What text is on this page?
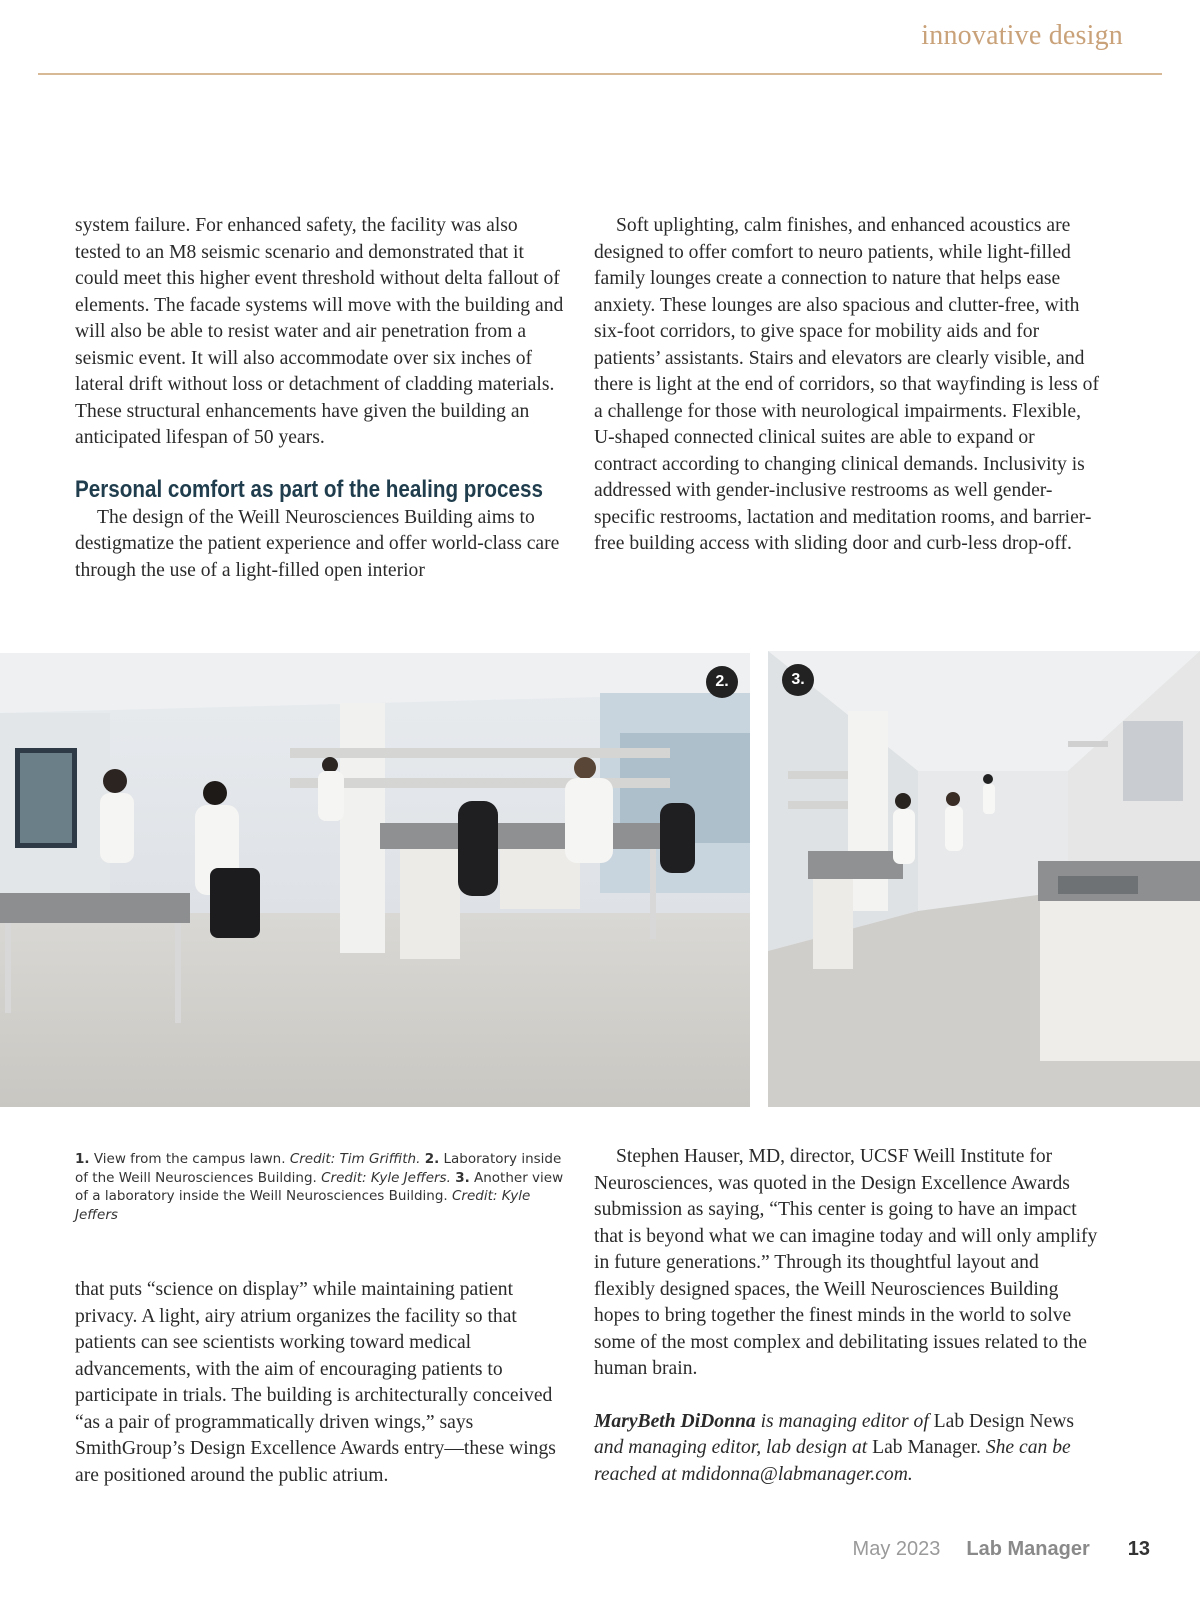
innovative design

system failure. For enhanced safety, the facility was also tested to an M8 seismic scenario and demonstrated that it could meet this higher event threshold without delta fallout of elements. The facade systems will move with the building and will also be able to resist water and air penetration from a seismic event. It will also accommodate over six inches of lateral drift without loss or detachment of cladding materials. These structural enhancements have given the building an anticipated lifespan of 50 years.

Personal comfort as part of the healing process

The design of the Weill Neurosciences Building aims to destigmatize the patient experience and offer world-class care through the use of a light-filled open interior

Soft uplighting, calm finishes, and enhanced acoustics are designed to offer comfort to neuro patients, while light-filled family lounges create a connection to nature that helps ease anxiety. These lounges are also spacious and clutter-free, with six-foot corridors, to give space for mobility aids and for patients’ assistants. Stairs and elevators are clearly visible, and there is light at the end of corridors, so that wayfinding is less of a challenge for those with neurological impairments. Flexible, U-shaped connected clinical suites are able to expand or contract according to changing clinical demands. Inclusivity is addressed with gender-inclusive restrooms as well gender-specific restrooms, lactation and meditation rooms, and barrier-free building access with sliding door and curb-less drop-off.

2.	3.
1. View from the campus lawn. Credit: Tim Griffith. 2. Laboratory inside of the Weill Neurosciences Building. Credit: Kyle Jeffers. 3. Another view of a laboratory inside the Weill Neurosciences Building. Credit: Kyle Jeffers

that puts “science on display” while maintaining patient privacy. A light, airy atrium organizes the facility so that patients can see scientists working toward medical advancements, with the aim of encouraging patients to participate in trials. The building is architecturally conceived “as a pair of programmatically driven wings,” says SmithGroup’s Design Excellence Awards entry—these wings are positioned around the public atrium.

Stephen Hauser, MD, director, UCSF Weill Institute for Neurosciences, was quoted in the Design Excellence Awards submission as saying, “This center is going to have an impact that is beyond what we can imagine today and will only amplify in future generations.” Through its thoughtful layout and flexibly designed spaces, the Weill Neurosciences Building hopes to bring together the finest minds in the world to solve some of the most complex and debilitating issues related to the human brain.

MaryBeth DiDonna is managing editor of Lab Design News and managing editor, lab design at Lab Manager. She can be reached at mdidonna@labmanager.com.

May 2023 Lab Manager 13
